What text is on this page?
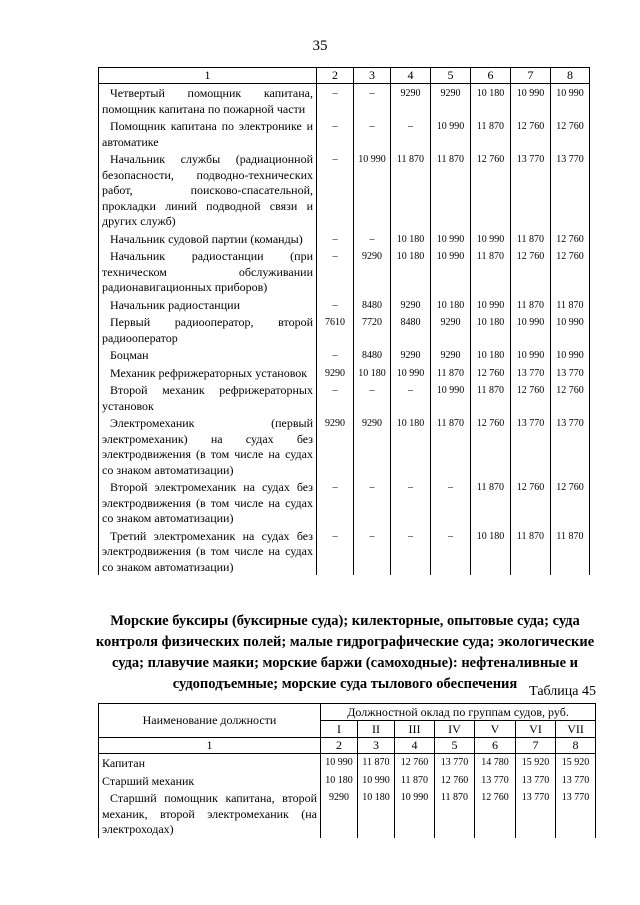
35
1	2	3	4	5	6	7	8
Четвертый помощник капитана, помощник капитана по пожарной части	–	–	9290	9290	10 180	10 990	10 990
Помощник капитана по электронике и автоматике	–	–	–	10 990	11 870	12 760	12 760
Начальник службы (радиационной безопасности, подводно-технических работ, поисково-спасательной, прокладки линий подводной связи и других служб)	–	10 990	11 870	11 870	12 760	13 770	13 770
Начальник судовой партии (команды)	–	–	10 180	10 990	10 990	11 870	12 760
Начальник радиостанции (при техническом обслуживании радионавигационных приборов)	–	9290	10 180	10 990	11 870	12 760	12 760
Начальник радиостанции	–	8480	9290	10 180	10 990	11 870	11 870
Первый радиооператор, второй радиооператор	7610	7720	8480	9290	10 180	10 990	10 990
Боцман	–	8480	9290	9290	10 180	10 990	10 990
Механик рефрижераторных установок	9290	10 180	10 990	11 870	12 760	13 770	13 770
Второй механик рефрижераторных установок	–	–	–	10 990	11 870	12 760	12 760
Электромеханик (первый электромеханик) на судах без электродвижения (в том числе на судах со знаком автоматизации)	9290	9290	10 180	11 870	12 760	13 770	13 770
Второй электромеханик на судах без электродвижения (в том числе на судах со знаком автоматизации)	–	–	–	–	11 870	12 760	12 760
Третий электромеханик на судах без электродвижения (в том числе на судах со знаком автоматизации)	–	–	–	–	10 180	11 870	11 870
Морские буксиры (буксирные суда); килекторные, опытовые суда; суда контроля физических полей; малые гидрографические суда; экологические суда; плавучие маяки; морские баржи (самоходные): нефтеналивные и судоподъемные; морские суда тылового обеспечения Таблица 45
Наименование должности	Должностной оклад по группам судов, руб.						
	I	II	III	IV	V	VI	VII
1	2	3	4	5	6	7	8
Капитан	10 990	11 870	12 760	13 770	14 780	15 920	15 920
Старший механик	10 180	10 990	11 870	12 760	13 770	13 770	13 770
Старший помощник капитана, второй механик, второй электромеханик (на электроходах)	9290	10 180	10 990	11 870	12 760	13 770	13 770
